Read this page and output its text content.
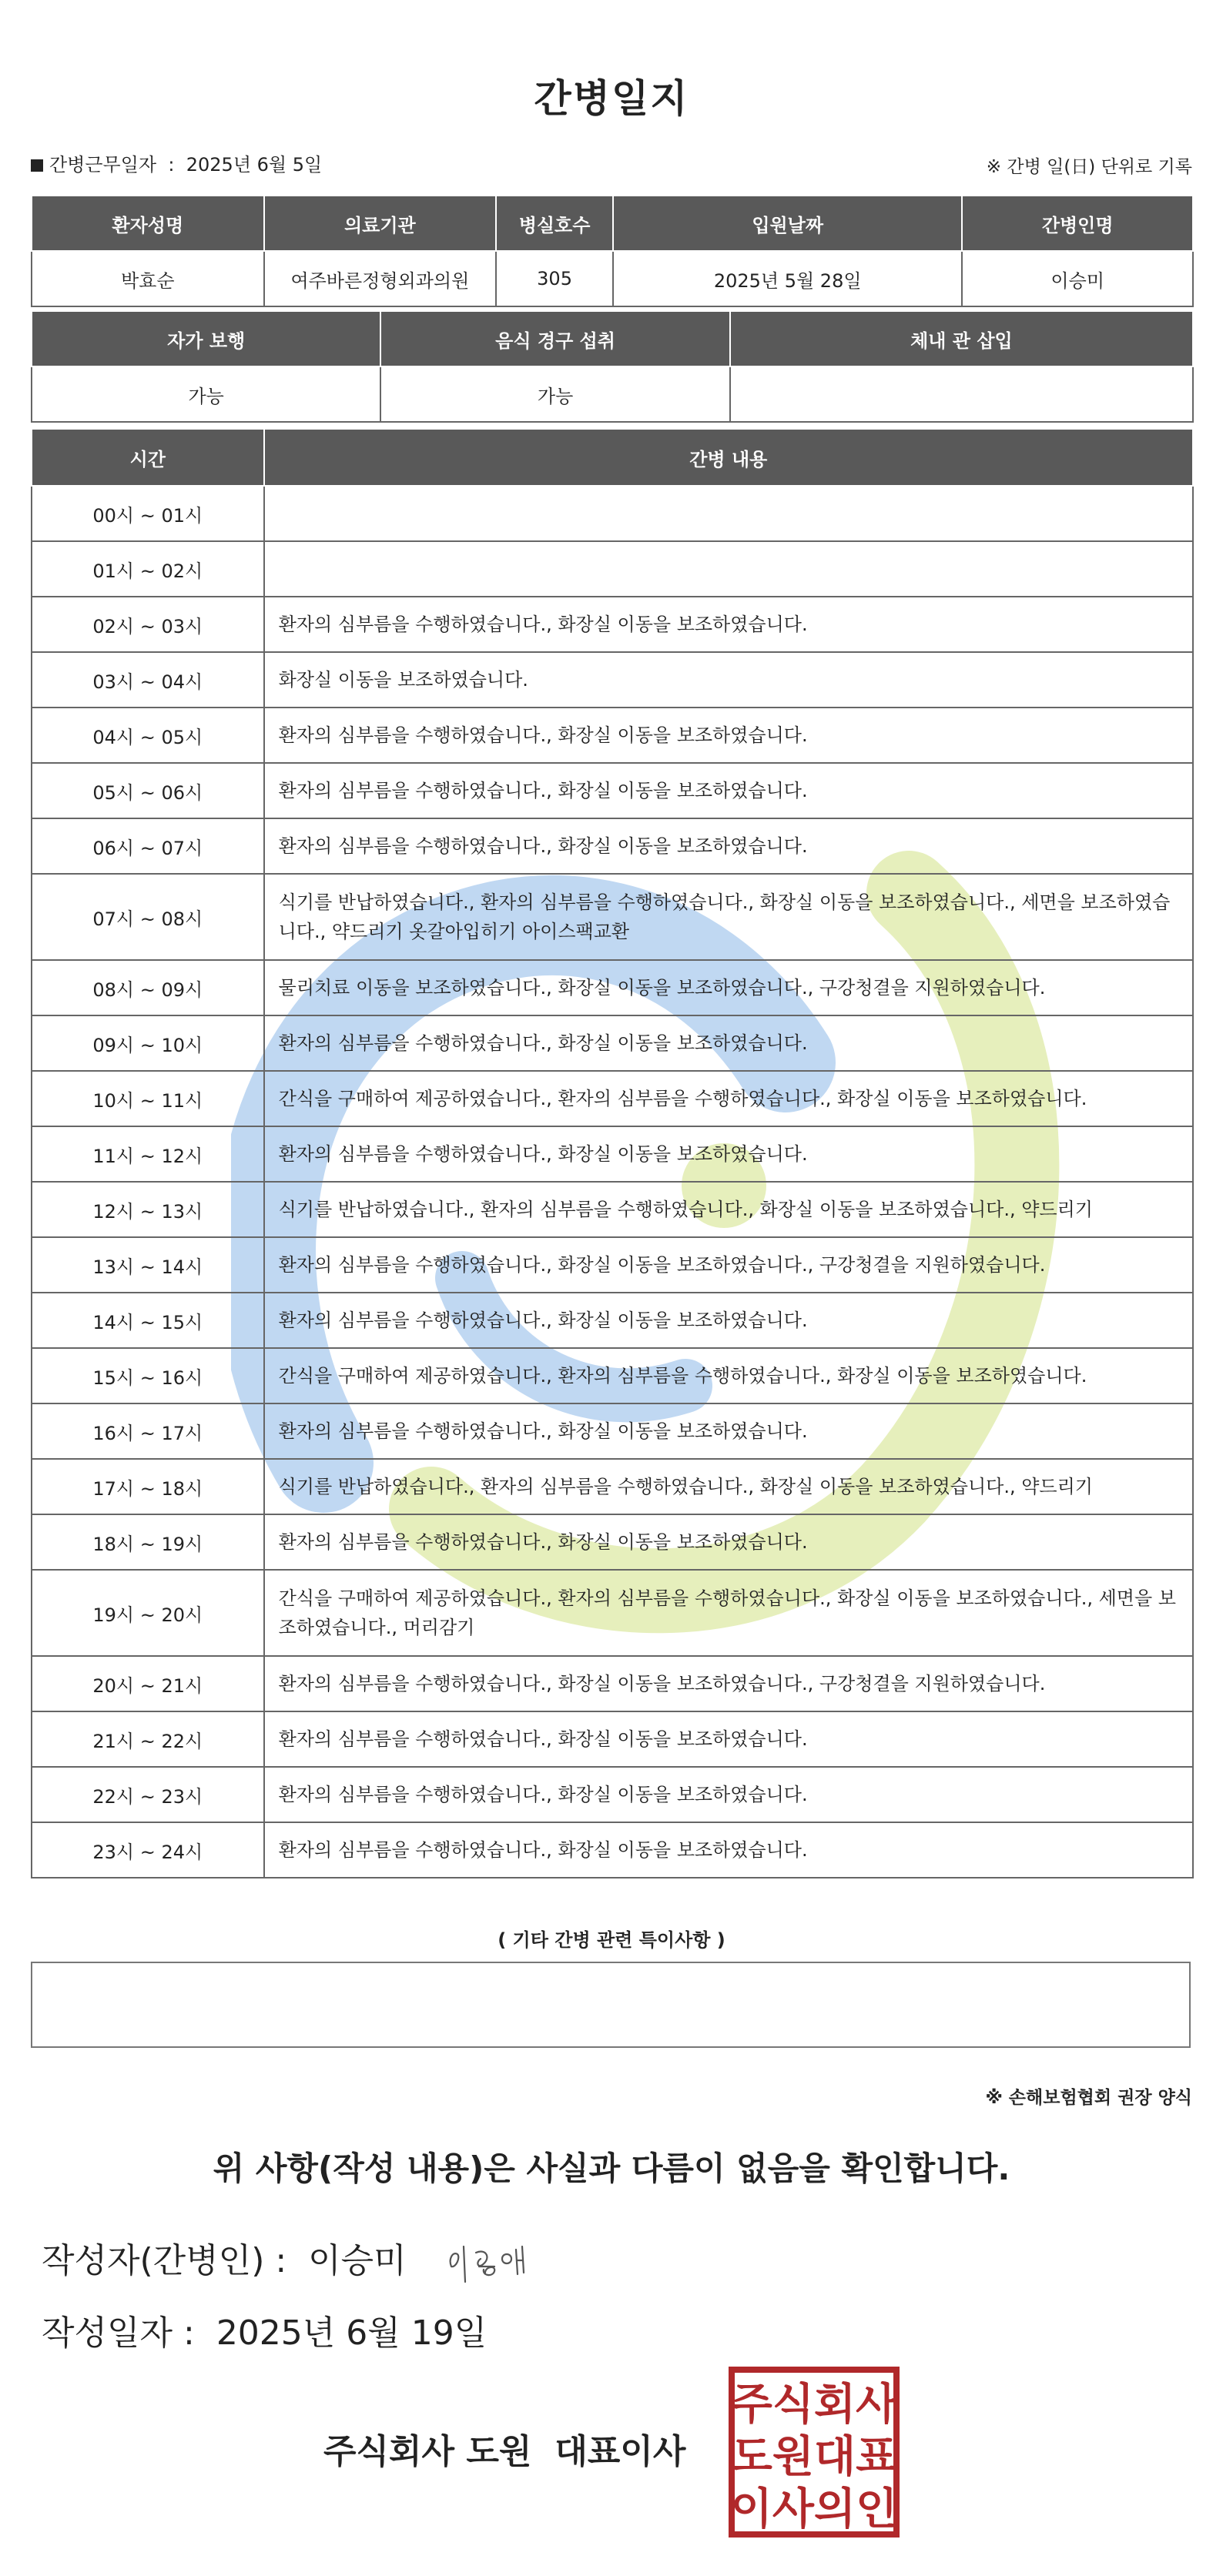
간병일지
간병근무일자 : 2025년 6월 5일	※ 간병 일(日) 단위로 기록
환자성명	의료기관	병실호수	입원날짜	간병인명
박효순	여주바른정형외과의원	305	2025년 5월 28일	이승미
자가 보행	음식 경구 섭취	체내 관 삽입
가능	가능	
시간	간병 내용
00시 ~ 01시	
01시 ~ 02시	
02시 ~ 03시	환자의 심부름을 수행하였습니다., 화장실 이동을 보조하였습니다.
03시 ~ 04시	화장실 이동을 보조하였습니다.
04시 ~ 05시	환자의 심부름을 수행하였습니다., 화장실 이동을 보조하였습니다.
05시 ~ 06시	환자의 심부름을 수행하였습니다., 화장실 이동을 보조하였습니다.
06시 ~ 07시	환자의 심부름을 수행하였습니다., 화장실 이동을 보조하였습니다.
07시 ~ 08시	식기를 반납하였습니다., 환자의 심부름을 수행하였습니다., 화장실 이동을 보조하였습니다., 세면을 보조하였습니다., 약드리기 옷갈아입히기 아이스팩교환
08시 ~ 09시	물리치료 이동을 보조하였습니다., 화장실 이동을 보조하였습니다., 구강청결을 지원하였습니다.
09시 ~ 10시	환자의 심부름을 수행하였습니다., 화장실 이동을 보조하였습니다.
10시 ~ 11시	간식을 구매하여 제공하였습니다., 환자의 심부름을 수행하였습니다., 화장실 이동을 보조하였습니다.
11시 ~ 12시	환자의 심부름을 수행하였습니다., 화장실 이동을 보조하였습니다.
12시 ~ 13시	식기를 반납하였습니다., 환자의 심부름을 수행하였습니다., 화장실 이동을 보조하였습니다., 약드리기
13시 ~ 14시	환자의 심부름을 수행하였습니다., 화장실 이동을 보조하였습니다., 구강청결을 지원하였습니다.
14시 ~ 15시	환자의 심부름을 수행하였습니다., 화장실 이동을 보조하였습니다.
15시 ~ 16시	간식을 구매하여 제공하였습니다., 환자의 심부름을 수행하였습니다., 화장실 이동을 보조하였습니다.
16시 ~ 17시	환자의 심부름을 수행하였습니다., 화장실 이동을 보조하였습니다.
17시 ~ 18시	식기를 반납하였습니다., 환자의 심부름을 수행하였습니다., 화장실 이동을 보조하였습니다., 약드리기
18시 ~ 19시	환자의 심부름을 수행하였습니다., 화장실 이동을 보조하였습니다.
19시 ~ 20시	간식을 구매하여 제공하였습니다., 환자의 심부름을 수행하였습니다., 화장실 이동을 보조하였습니다., 세면을 보조하였습니다., 머리감기
20시 ~ 21시	환자의 심부름을 수행하였습니다., 화장실 이동을 보조하였습니다., 구강청결을 지원하였습니다.
21시 ~ 22시	환자의 심부름을 수행하였습니다., 화장실 이동을 보조하였습니다.
22시 ~ 23시	환자의 심부름을 수행하였습니다., 화장실 이동을 보조하였습니다.
23시 ~ 24시	환자의 심부름을 수행하였습니다., 화장실 이동을 보조하였습니다.
( 기타 간병 관련 특이사항 )
※ 손해보험협회 권장 양식
위 사항(작성 내용)은 사실과 다름이 없음을 확인합니다.
작성자(간병인) : 이승미
작성일자 : 2025년 6월 19일
주식회사 도원 대표이사
주식회사
도원대표
이사의인
